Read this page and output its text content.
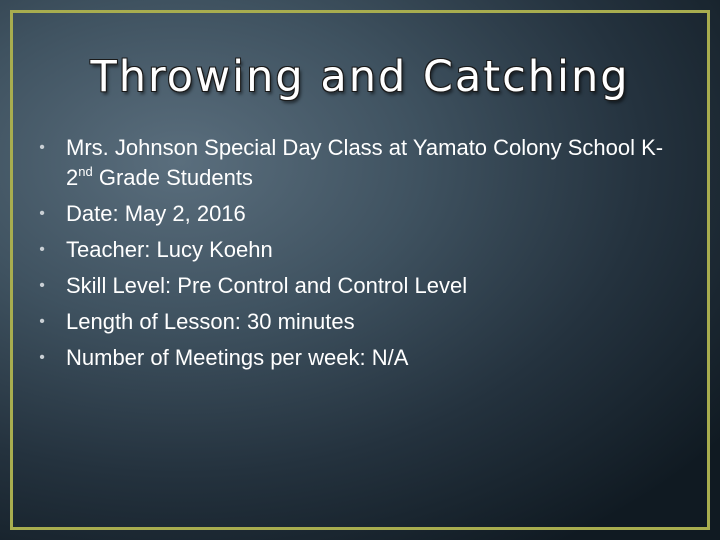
Throwing and Catching
• Mrs. Johnson Special Day Class at Yamato Colony School K-2nd Grade Students
• Date: May 2, 2016
• Teacher: Lucy Koehn
• Skill Level: Pre Control and Control Level
• Length of Lesson: 30 minutes
• Number of Meetings per week: N/A
